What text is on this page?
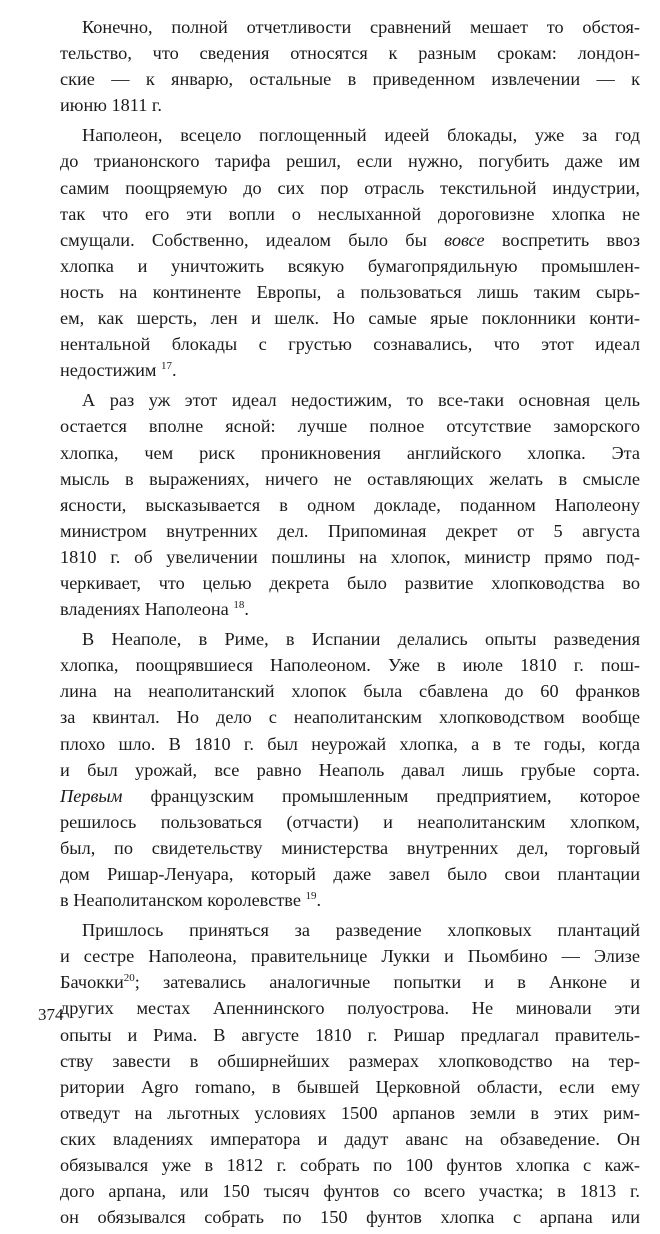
Конечно, полной отчетливости сравнений мешает то обстоя-
тельство, что сведения относятся к разным срокам: лондон-
ские — к январю, остальные в приведенном извлечении — к
июню 1811 г.

Наполеон, всецело поглощенный идеей блокады, уже за год
до трианонского тарифа решил, если нужно, погубить даже им
самим поощряемую до сих пор отрасль текстильной индустрии,
так что его эти вопли о неслыханной дороговизне хлопка не
смущали. Собственно, идеалом было бы вовсе воспретить ввоз
хлопка и уничтожить всякую бумагопрядильную промышлен-
ность на континенте Европы, а пользоваться лишь таким сырь-
ем, как шерсть, лен и шелк. Но самые ярые поклонники конти-
нентальной блокады с грустью сознавались, что этот идеал
недостижим $^{17}$.

А раз уж этот идеал недостижим, то все-таки основная цель
остается вполне ясной: лучше полное отсутствие заморского
хлопка, чем риск проникновения английского хлопка. Эта
мысль в выражениях, ничего не оставляющих желать в смысле
ясности, высказывается в одном докладе, поданном Наполеону
министром внутренних дел. Припоминая декрет от 5 августа
1810 г. об увеличении пошлины на хлопок, министр прямо под-
черкивает, что целью декрета было развитие хлопководства во
владениях Наполеона $^{18}$.

В Неаполе, в Риме, в Испании делались опыты разведения
хлопка, поощрявшиеся Наполеоном. Уже в июле 1810 г. пош-
лина на неаполитанский хлопок была сбавлена до 60 франков
за квинтал. Но дело с неаполитанским хлопководством вообще
плохо шло. В 1810 г. был неурожай хлопка, а в те годы, когда
и был урожай, все равно Неаполь давал лишь грубые сорта.
Первым французским промышленным предприятием, которое
решилось пользоваться (отчасти) и неаполитанским хлопком,
был, по свидетельству министерства внутренних дел, торговый
дом Ришар-Ленуара, который даже завел было свои плантации
в Неаполитанском королевстве $^{19}$.

Пришлось приняться за разведение хлопковых плантаций
и сестре Наполеона, правительнице Лукки и Пьомбино — Элизе
Бачокки$^{20}$; затевались аналогичные попытки и в Анконе и
других местах Апеннинского полуострова. Не миновали эти
опыты и Рима. В августе 1810 г. Ришар предлагал правитель-
ству завести в обширнейших размерах хлопководство на тер-
ритории Agro romano, в бывшей Церковной области, если ему
отведут на льготных условиях 1500 арпанов земли в этих рим-
ских владениях императора и дадут аванс на обзаведение. Он
обязывался уже в 1812 г. собрать по 100 фунтов хлопка с каж-
дого арпана, или 150 тысяч фунтов со всего участка; в 1813 г.
он обязывался собрать по 150 фунтов хлопка с арпана или

374
